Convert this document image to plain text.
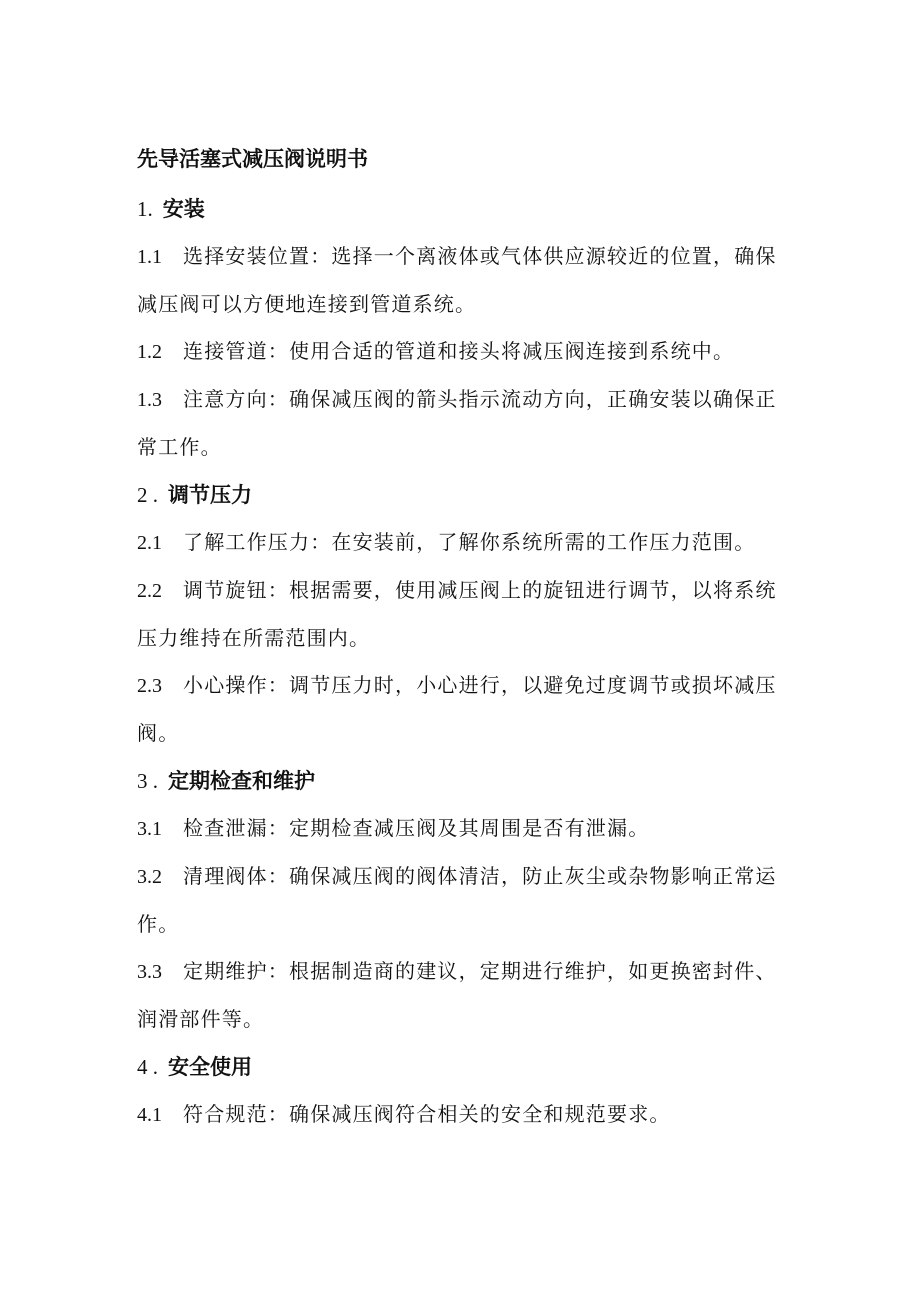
先导活塞式减压阀说明书

1. 安装

1.1 选择安装位置：选择一个离液体或气体供应源较近的位置，确保减压阀可以方便地连接到管道系统。

1.2 连接管道：使用合适的管道和接头将减压阀连接到系统中。

1.3 注意方向：确保减压阀的箭头指示流动方向，正确安装以确保正常工作。

2 . 调节压力

2.1 了解工作压力：在安装前，了解你系统所需的工作压力范围。

2.2 调节旋钮：根据需要，使用减压阀上的旋钮进行调节，以将系统压力维持在所需范围内。

2.3 小心操作：调节压力时，小心进行，以避免过度调节或损坏减压阀。

3 . 定期检查和维护

3.1 检查泄漏：定期检查减压阀及其周围是否有泄漏。

3.2 清理阀体：确保减压阀的阀体清洁，防止灰尘或杂物影响正常运作。

3.3 定期维护：根据制造商的建议，定期进行维护，如更换密封件、润滑部件等。

4 . 安全使用

4.1 符合规范：确保减压阀符合相关的安全和规范要求。
